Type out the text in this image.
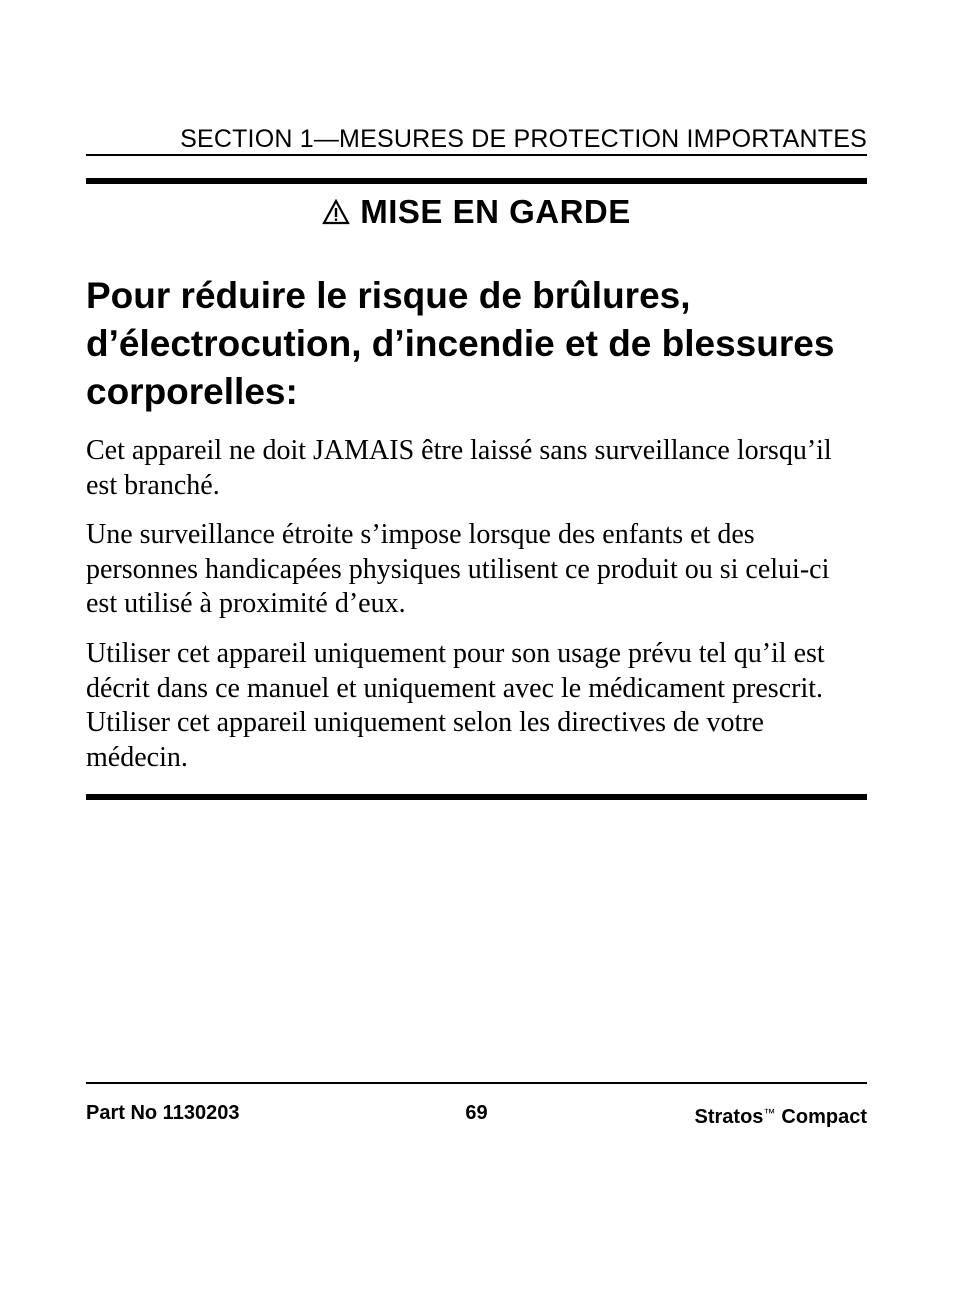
SECTION 1—MESURES DE PROTECTION IMPORTANTES
MISE EN GARDE
Pour réduire le risque de brûlures, d’électrocution, d’incendie et de blessures corporelles:

Cet appareil ne doit JAMAIS être laissé sans surveillance lorsqu’il est branché.

Une surveillance étroite s’impose lorsque des enfants et des personnes handicapées physiques utilisent ce produit ou si celui-ci est utilisé à proximité d’eux.

Utiliser cet appareil uniquement pour son usage prévu tel qu’il est décrit dans ce manuel et uniquement avec le médicament prescrit. Utiliser cet appareil uniquement selon les directives de votre médecin.

Part No 1130203	69	Stratos™ Compact
